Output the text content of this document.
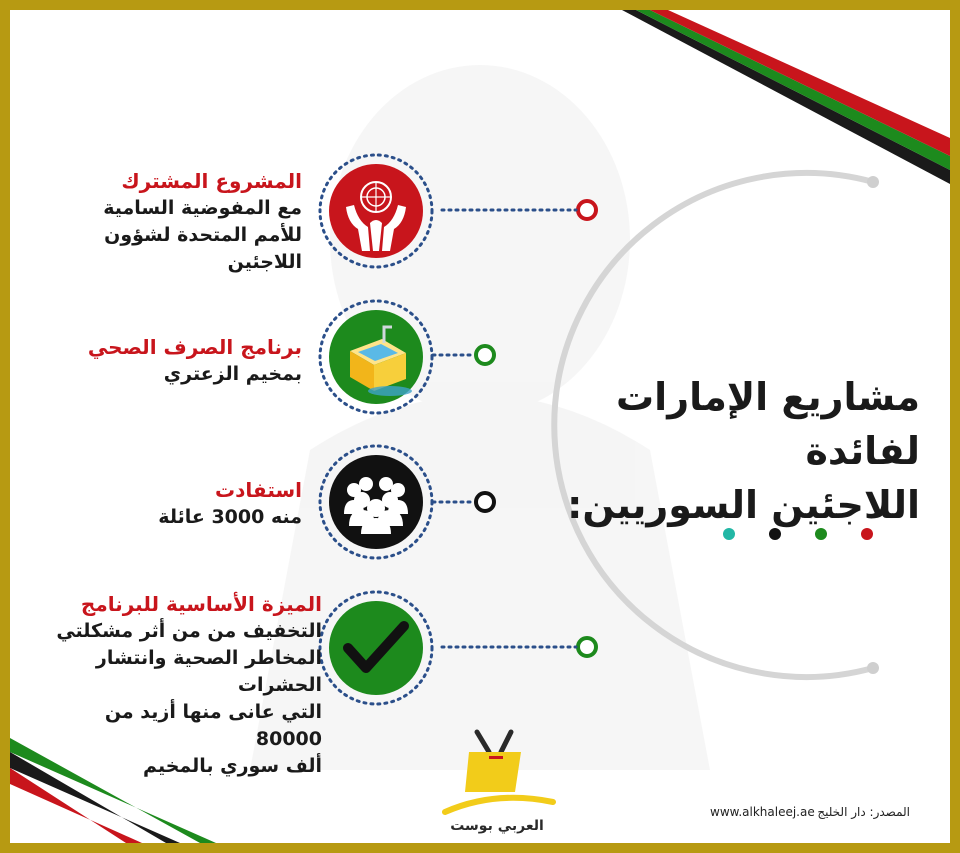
مشاريع الإمارات لفائدة
اللاجئين السوريين:
المشروع المشترك
مع المفوضية السامية
للأمم المتحدة لشؤون اللاجئين
برنامج الصرف الصحي
بمخيم الزعتري
استفادت
منه 3000 عائلة
الميزة الأساسية للبرنامج
التخفيف من من أثر مشكلتي
المخاطر الصحية وانتشار الحشرات
التي عانى منها أزيد من 80000
ألف سوري بالمخيم
العربي بوست
المصدر: دار الخليج
www.alkhaleej.ae
